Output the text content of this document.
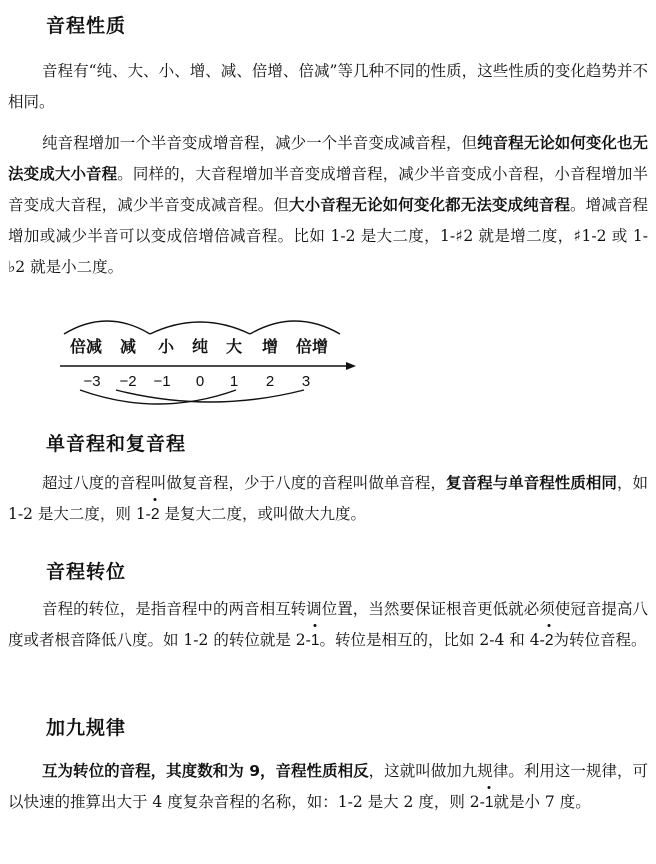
音程性质

音程有“纯、大、小、增、减、倍增、倍减”等几种不同的性质，这些性质的变化趋势并不相同。

纯音程增加一个半音变成增音程，减少一个半音变成减音程，但纯音程无论如何变化也无法变成大小音程。同样的，大音程增加半音变成增音程，减少半音变成小音程，小音程增加半音变成大音程，减少半音变成减音程。但大小音程无论如何变化都无法变成纯音程。增减音程增加或减少半音可以变成倍增倍减音程。比如 1-2 是大二度，1-♯2 就是增二度，♯1-2 或 1-♭2 就是小二度。

倍减 减 小 纯 大 增 倍增
−3 −2 −1 0 1 2 3
单音程和复音程

超过八度的音程叫做复音程，少于八度的音程叫做单音程，复音程与单音程性质相同，如 1-2 是大二度，则 1-2
是复大二度，或叫做大九度。

音程转位

音程的转位，是指音程中的两音相互转调位置，当然要保证根音更低就必须使冠音提高八度或者根音降低八度。如 1-2 的转位就是 2-1
。转位是相互的，比如 2-4 和 4-2
为转位音程。

加九规律

互为转位的音程，其度数和为 9，音程性质相反，这就叫做加九规律。利用这一规律，可以快速的推算出大于 4 度复杂音程的名称，如：1-2 是大 2 度，则 2-1
就是小 7 度。
